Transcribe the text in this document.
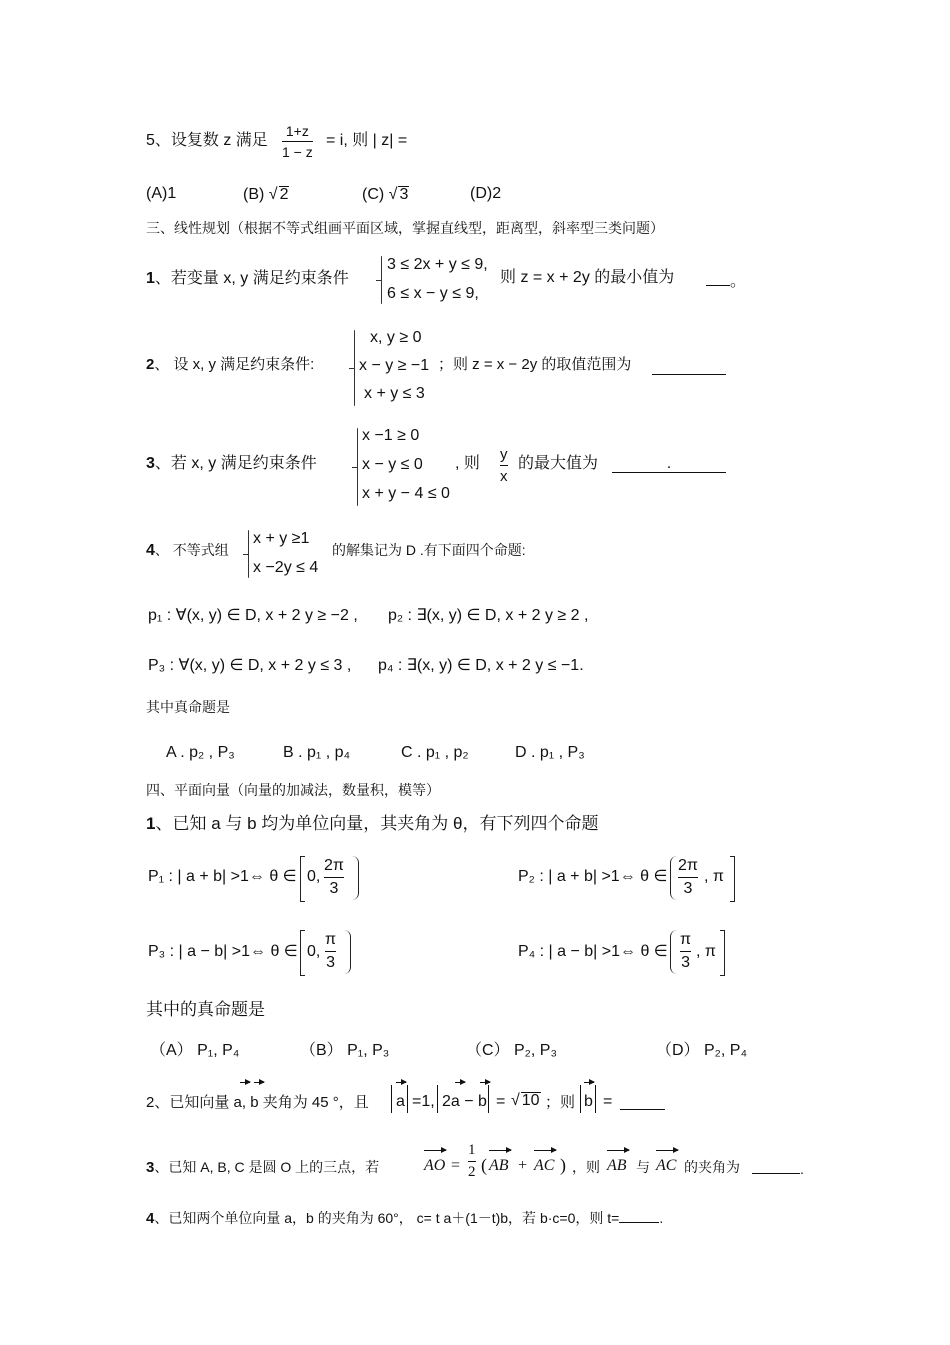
5、设复数 z 满足
1+z
1 − z
= i, 则 | z| =
(A)1	(B) √ 2	(C) √ 3	(D)2
三、线性规划（根据不等式组画平面区域，掌握直线型，距离型，斜率型三类问题）
1、若变量 x, y 满足约束条件
3 ≤ 2x + y ≤ 9,
6 ≤ x − y ≤ 9,
则 z = x + 2y 的最小值为	。
2、 设 x, y 满足约束条件:
x, y ≥ 0
x − y ≥ −1
x + y ≤ 3
；则 z = x − 2y 的取值范围为
3、若 x, y 满足约束条件
x −1 ≥ 0
x − y ≤ 0
x + y − 4 ≤ 0
, 则
y
x
的最大值为	.
4、 不等式组
x + y ≥1
x −2y ≤ 4
的解集记为 D .有下面四个命题:
p₁ : ∀(x, y) ∈ D, x + 2 y ≥ −2 , p₂ : ∃(x, y) ∈ D, x + 2 y ≥ 2 ,
P₃ : ∀(x, y) ∈ D, x + 2 y ≤ 3 , p₄ : ∃(x, y) ∈ D, x + 2 y ≤ −1.
其中真命题是
A . p₂ , P₃	B . p₁ , p₄	C . p₁ , p₂	D . p₁ , P₃
四、平面向量（向量的加减法，数量积，模等）
1、已知 a 与 b 均为单位向量，其夹角为 θ，有下列四个命题
P₁ : | a + b| >1⇔ θ ∈ 0,
2π
3
P₂ : | a + b| >1⇔ θ ∈
2π
3
, π
P₃ : | a − b| >1⇔ θ ∈ 0,
π
3
P₄ : | a − b| >1⇔ θ ∈
π
3
, π
其中的真命题是
（A） P₁, P₄	（B） P₁, P₃	（C） P₂, P₃	（D） P₂, P₄
2、已知向量 a, b 夹角为 45 °，且 a =1, 2a − b = √ 10 ；则 b =
3、已知 A, B, C 是圆 O 上的三点，若	AO =
1
2 ( AB + AC ) ，则 AB 与 AC 的夹角为	.
4、已知两个单位向量 a，b 的夹角为 60°， c= t a＋(1－t)b，若 b·c=0，则 t=	.
